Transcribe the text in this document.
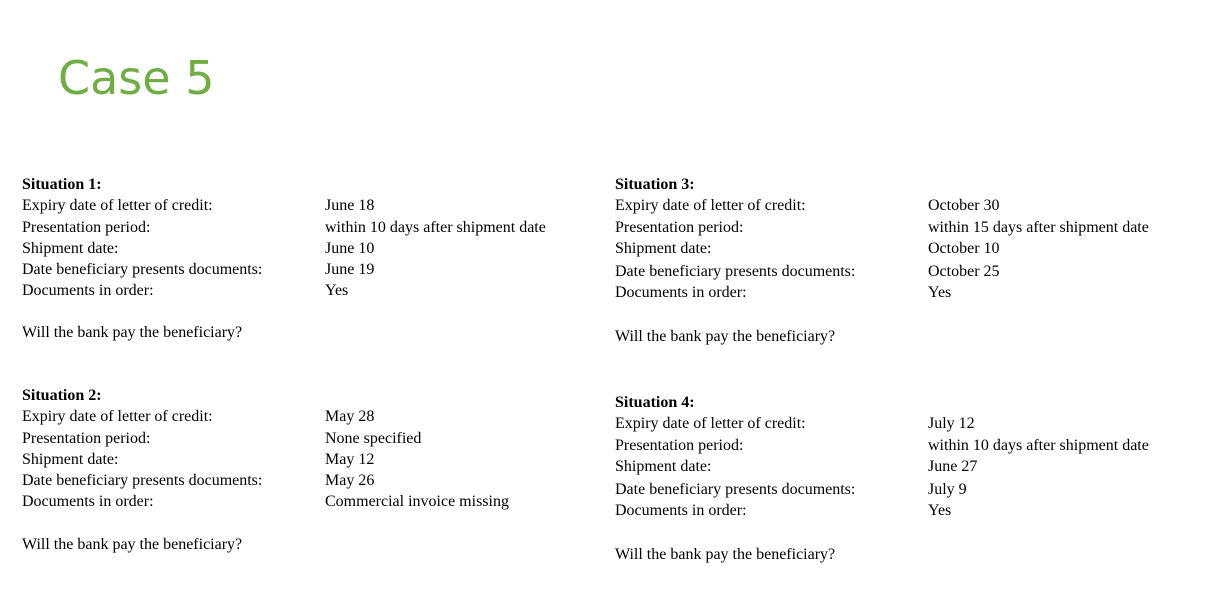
Case 5
Situation 1:
Expiry date of letter of credit:	June 18
Presentation period:	within 10 days after shipment date
Shipment date:	June 10
Date beneficiary presents documents:	June 19
Documents in order:	Yes
Will the bank pay the beneficiary?
Situation 2:
Expiry date of letter of credit:	May 28
Presentation period:	None specified
Shipment date:	May 12
Date beneficiary presents documents:	May 26
Documents in order:	Commercial invoice missing
Will the bank pay the beneficiary?
Situation 3:
Expiry date of letter of credit:	October 30
Presentation period:	within 15 days after shipment date
Shipment date:	October 10
Date beneficiary presents documents:	October 25
Documents in order:	Yes
Will the bank pay the beneficiary?
Situation 4:
Expiry date of letter of credit:	July 12
Presentation period:	within 10 days after shipment date
Shipment date:	June 27
Date beneficiary presents documents:	July 9
Documents in order:	Yes
Will the bank pay the beneficiary?
